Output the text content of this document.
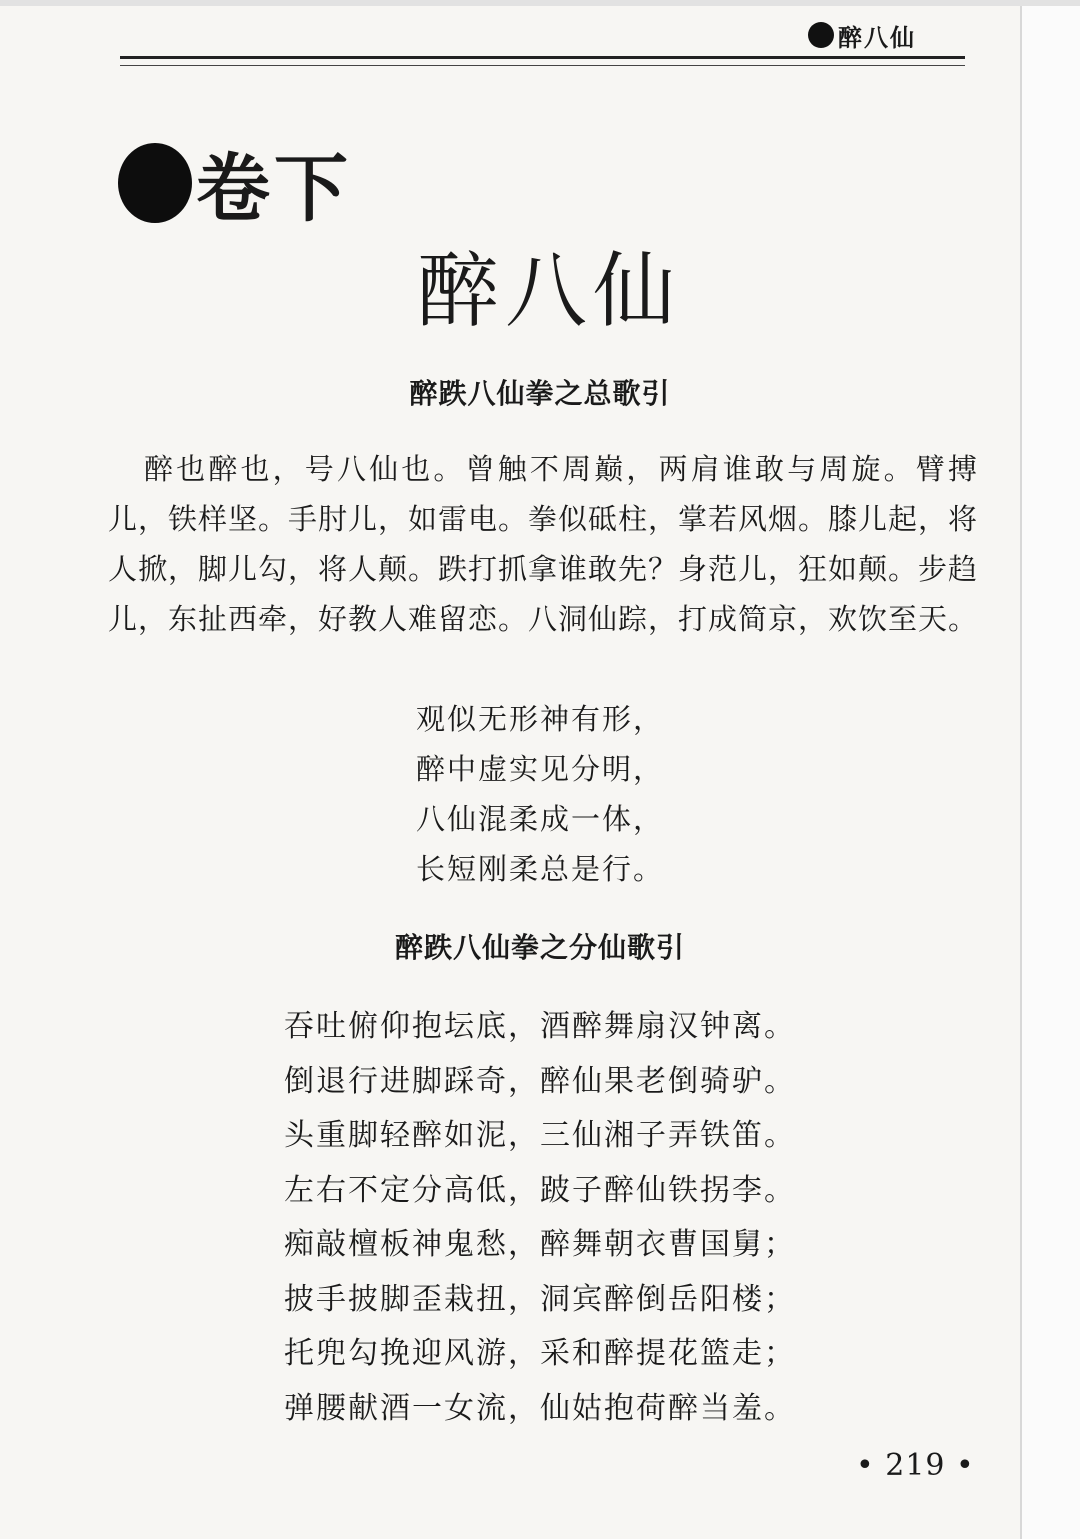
醉八仙
卷下
醉八仙
醉跌八仙拳之总歌引
醉也醉也，号八仙也。曾触不周巅，两肩谁敢与周旋。臂搏儿，铁样坚。手肘儿，如雷电。拳似砥柱，掌若风烟。膝儿起，将人掀，脚儿勾，将人颠。跌打抓拿谁敢先？身范儿，狂如颠。步趋儿，东扯西牵，好教人难留恋。八洞仙踪，打成简京，欢饮至天。
观似无形神有形，
醉中虚实见分明，
八仙混柔成一体，
长短刚柔总是行。
醉跌八仙拳之分仙歌引
吞吐俯仰抱坛底，酒醉舞扇汉钟离。
倒退行进脚踩奇，醉仙果老倒骑驴。
头重脚轻醉如泥，三仙湘子弄铁笛。
左右不定分高低，跛子醉仙铁拐李。
痴敲檀板神鬼愁，醉舞朝衣曹国舅；
披手披脚歪栽扭，洞宾醉倒岳阳楼；
托兜勾挽迎风游，采和醉提花篮走；
弹腰献酒一女流，仙姑抱荷醉当羞。
• 219 •
